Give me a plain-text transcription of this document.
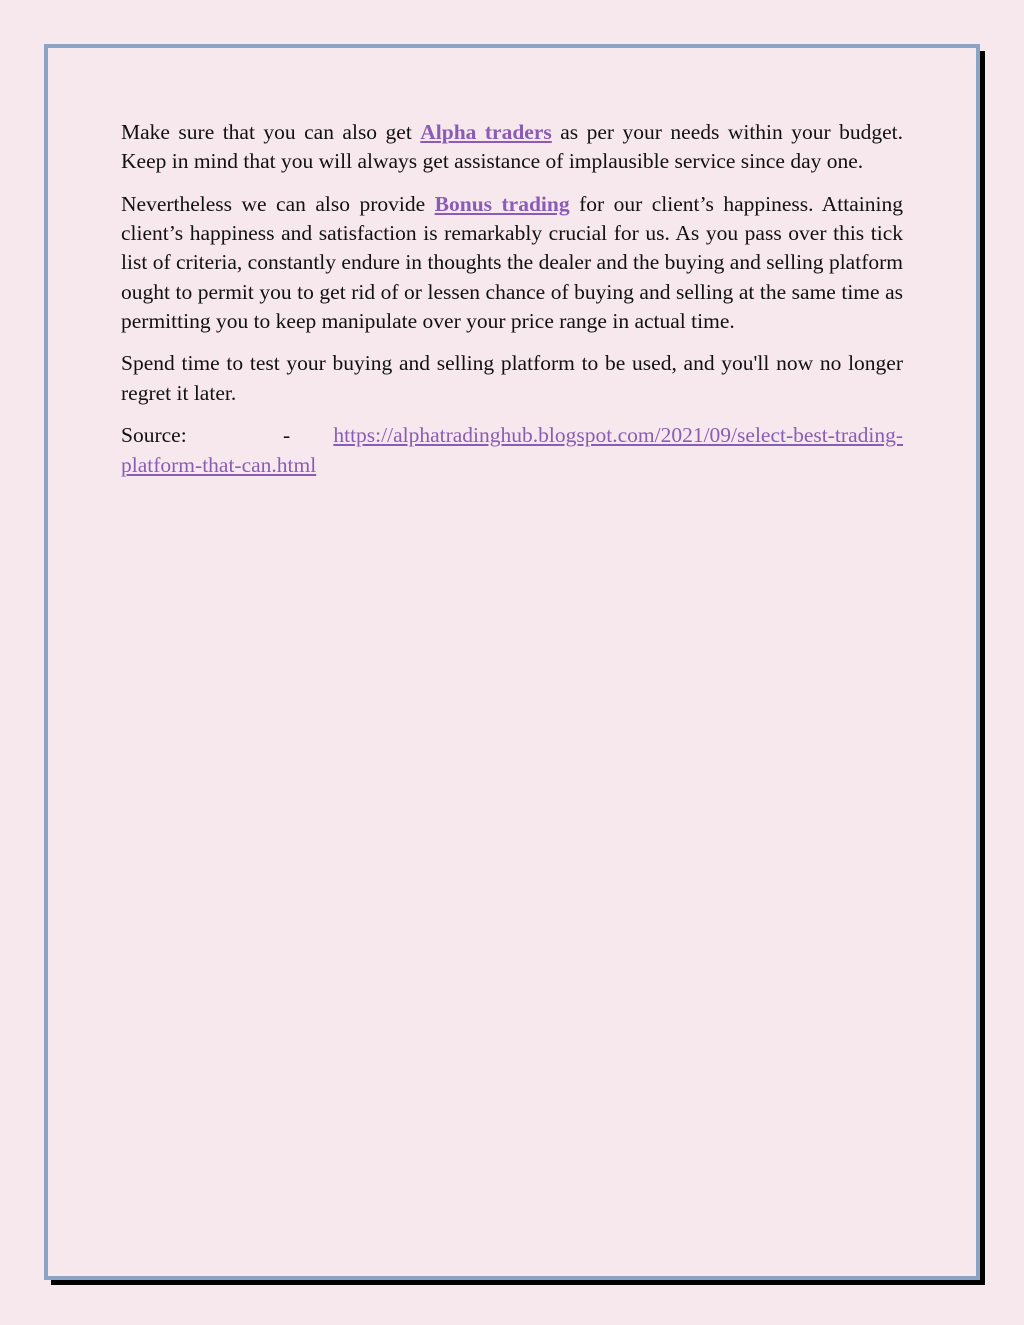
Make sure that you can also get Alpha traders as per your needs within your budget. Keep in mind that you will always get assistance of implausible service since day one.

Nevertheless we can also provide Bonus trading for our client’s happiness. Attaining client’s happiness and satisfaction is remarkably crucial for us. As you pass over this tick list of criteria, constantly endure in thoughts the dealer and the buying and selling platform ought to permit you to get rid of or lessen chance of buying and selling at the same time as permitting you to keep manipulate over your price range in actual time.

Spend time to test your buying and selling platform to be used, and you'll now no longer regret it later.

Source:	- https://alphatradinghub.blogspot.com/2021/09/select-best-trading-platform-that-can.html
